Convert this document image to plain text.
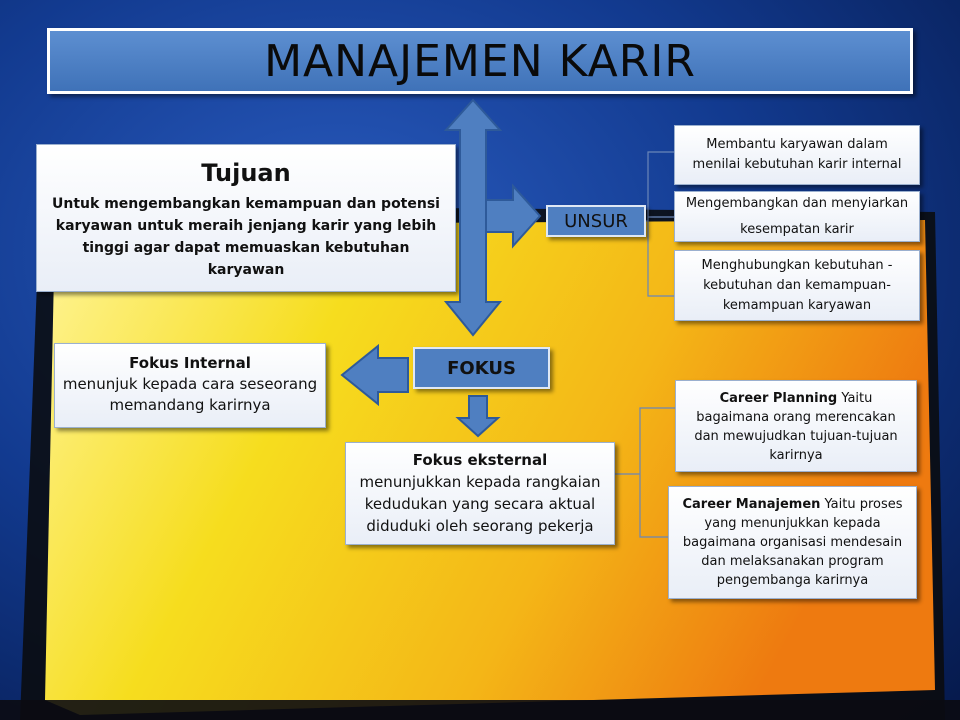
MANAJEMEN KARIR
Tujuan
Untuk mengembangkan kemampuan dan potensi karyawan untuk meraih jenjang karir yang lebih tinggi agar dapat memuaskan kebutuhan karyawan
UNSUR
Membantu karyawan dalam menilai kebutuhan karir internal
Mengembangkan dan menyiarkan
kesempatan karir
Menghubungkan kebutuhan - kebutuhan dan kemampuan-kemampuan karyawan
FOKUS
Fokus Internal
menunjuk kepada cara seseorang memandang karirnya
Fokus eksternal
menunjukkan kepada rangkaian kedudukan yang secara aktual diduduki oleh seorang pekerja
Career Planning Yaitu bagaimana orang merencakan dan mewujudkan tujuan-tujuan karirnya
Career Manajemen Yaitu proses yang menunjukkan kepada bagaimana organisasi mendesain dan melaksanakan program pengembanga karirnya
